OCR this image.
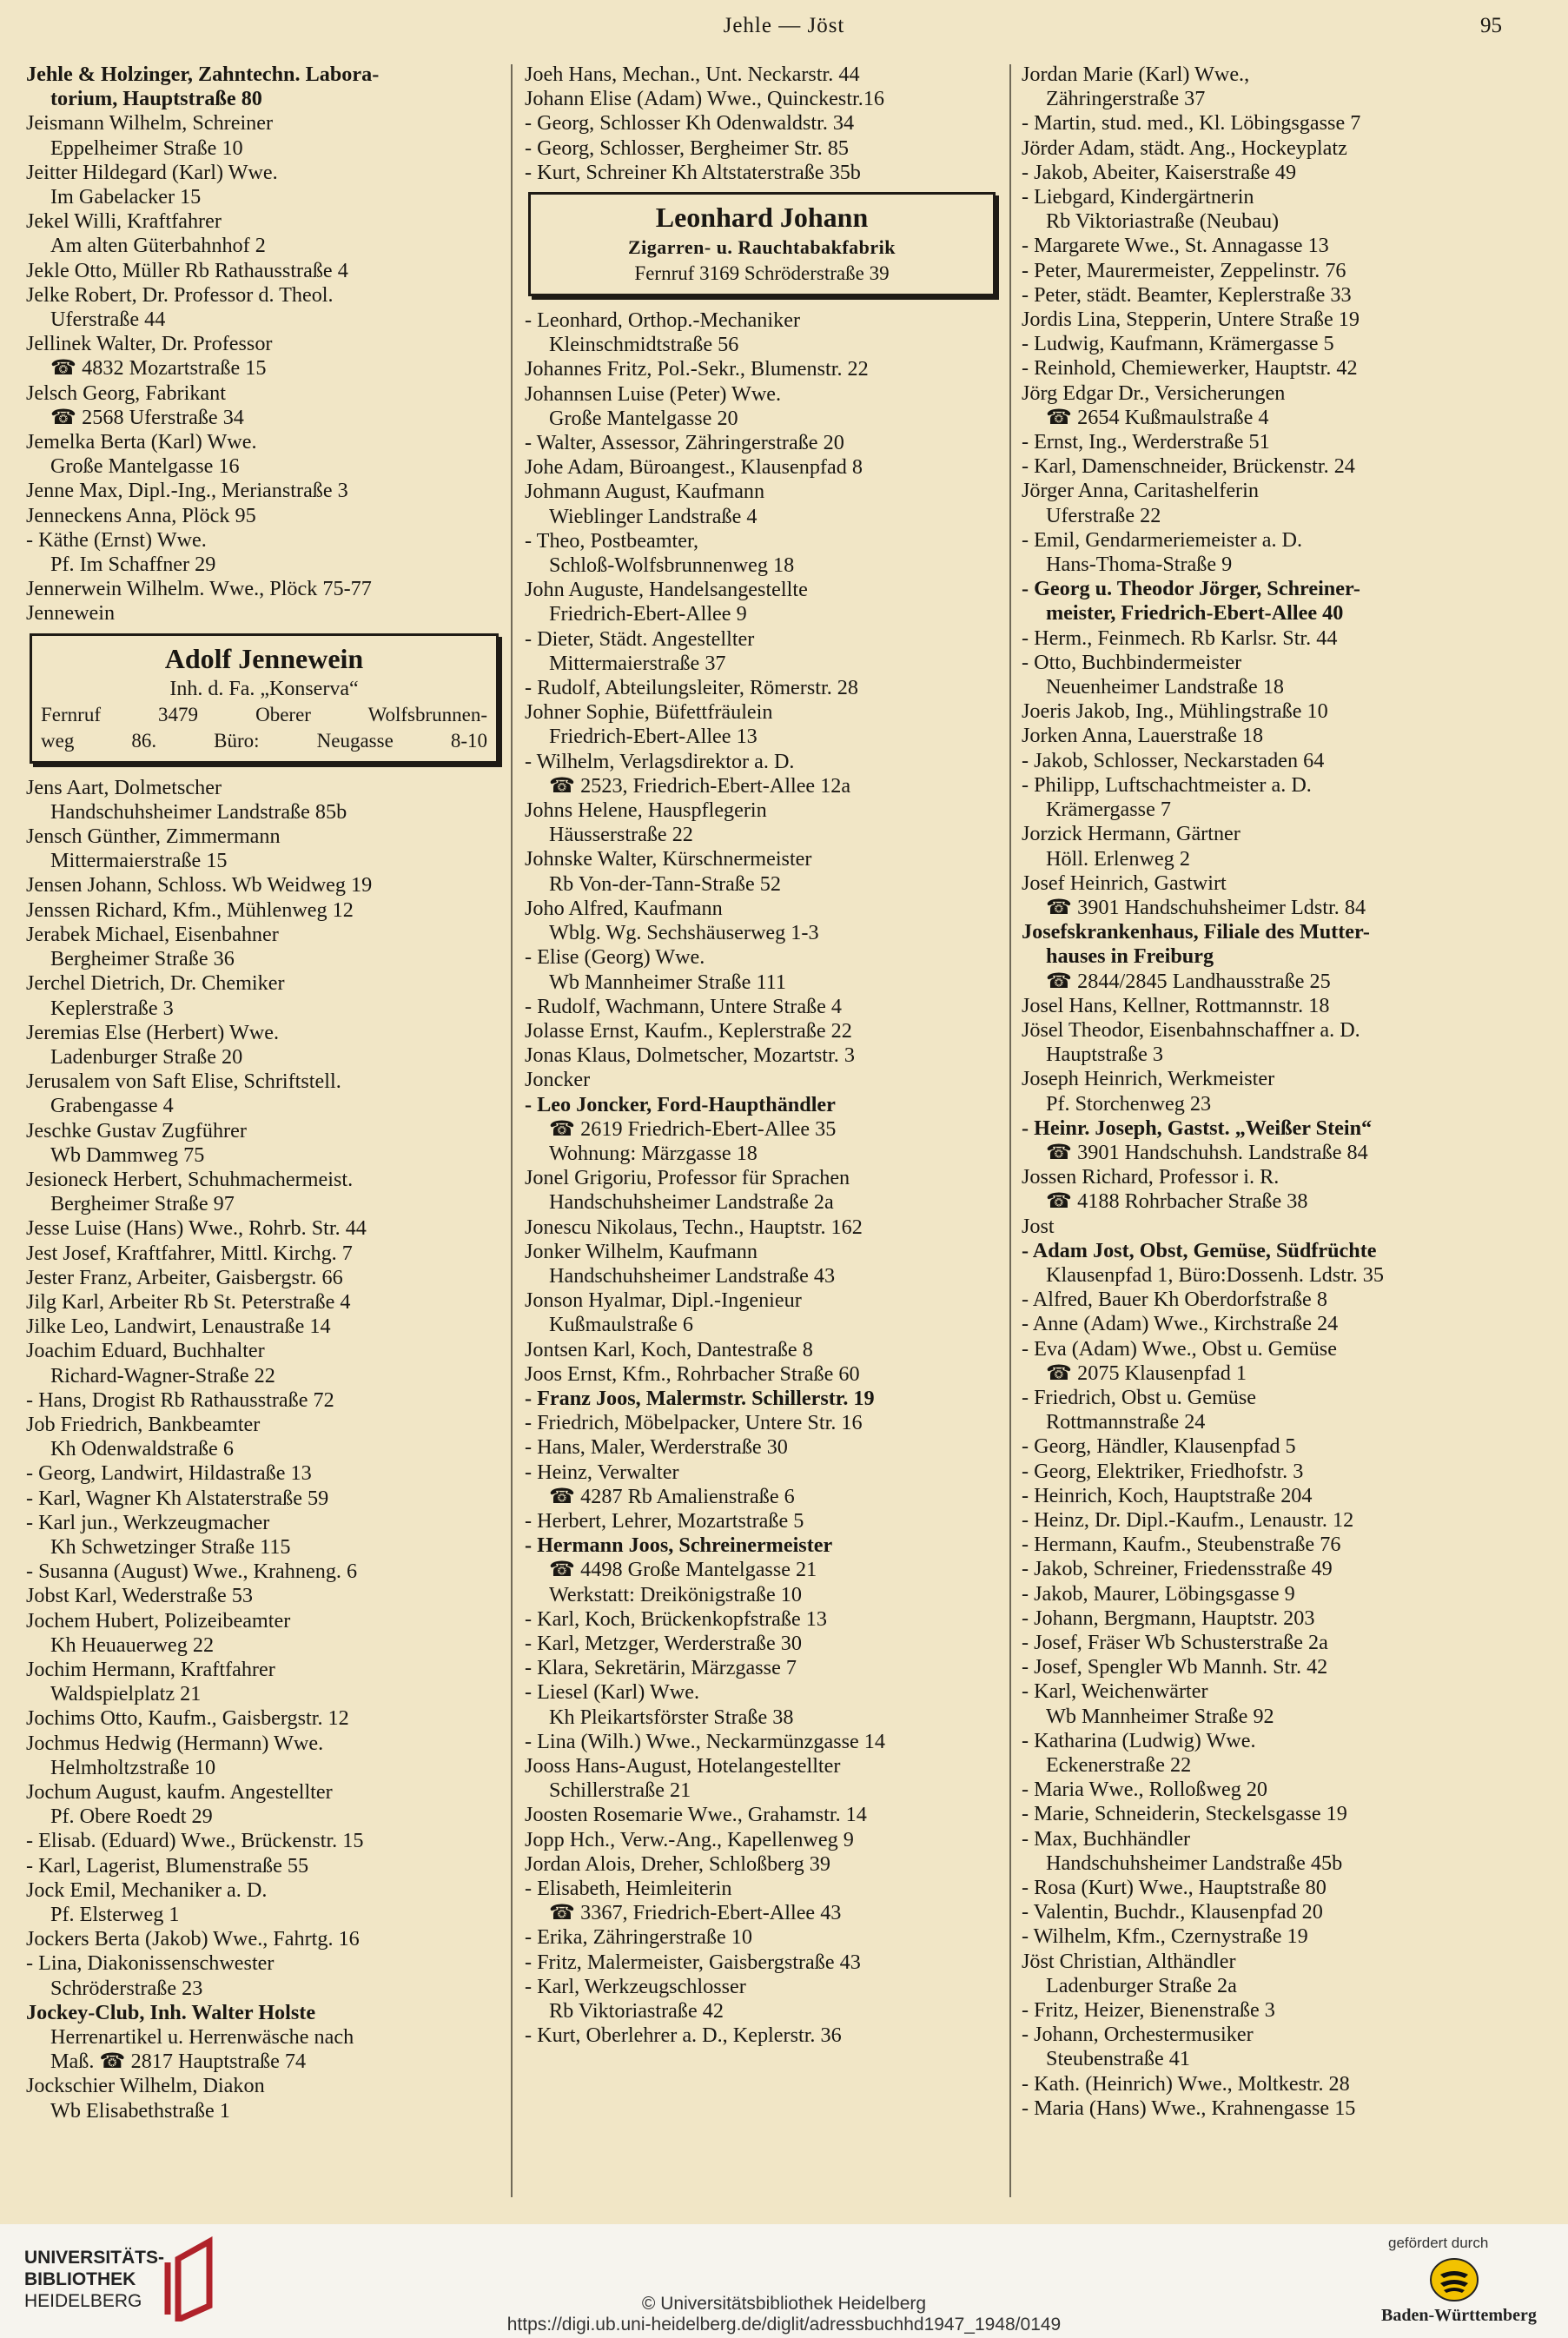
Jehle — Jöst	95
Jehle & Holzinger, Zahntechn. Labora-
torium, Hauptstraße 80
Jeismann Wilhelm, Schreiner
Eppelheimer Straße 10
Jeitter Hildegard (Karl) Wwe.
Im Gabelacker 15
Jekel Willi, Kraftfahrer
Am alten Güterbahnhof 2
Jekle Otto, Müller Rb Rathausstraße 4
Jelke Robert, Dr. Professor d. Theol.
Uferstraße 44
Jellinek Walter, Dr. Professor
☎ 4832 Mozartstraße 15
Jelsch Georg, Fabrikant
☎ 2568 Uferstraße 34
Jemelka Berta (Karl) Wwe.
Große Mantelgasse 16
Jenne Max, Dipl.-Ing., Merianstraße 3
Jenneckens Anna, Plöck 95
- Käthe (Ernst) Wwe.
Pf. Im Schaffner 29
Jennerwein Wilhelm. Wwe., Plöck 75-77
Jennewein
Adolf Jennewein
Inh. d. Fa. „Konserva“
Fernruf 3479 Oberer Wolfsbrunnen-
weg 86. Büro: Neugasse 8-10
Jens Aart, Dolmetscher
Handschuhsheimer Landstraße 85b
Jensch Günther, Zimmermann
Mittermaierstraße 15
Jensen Johann, Schloss. Wb Weidweg 19
Jenssen Richard, Kfm., Mühlenweg 12
Jerabek Michael, Eisenbahner
Bergheimer Straße 36
Jerchel Dietrich, Dr. Chemiker
Keplerstraße 3
Jeremias Else (Herbert) Wwe.
Ladenburger Straße 20
Jerusalem von Saft Elise, Schriftstell.
Grabengasse 4
Jeschke Gustav Zugführer
Wb Dammweg 75
Jesioneck Herbert, Schuhmachermeist.
Bergheimer Straße 97
Jesse Luise (Hans) Wwe., Rohrb. Str. 44
Jest Josef, Kraftfahrer, Mittl. Kirchg. 7
Jester Franz, Arbeiter, Gaisbergstr. 66
Jilg Karl, Arbeiter Rb St. Peterstraße 4
Jilke Leo, Landwirt, Lenaustraße 14
Joachim Eduard, Buchhalter
Richard-Wagner-Straße 22
- Hans, Drogist Rb Rathausstraße 72
Job Friedrich, Bankbeamter
Kh Odenwaldstraße 6
- Georg, Landwirt, Hildastraße 13
- Karl, Wagner Kh Alstaterstraße 59
- Karl jun., Werkzeugmacher
Kh Schwetzinger Straße 115
- Susanna (August) Wwe., Krahneng. 6
Jobst Karl, Wederstraße 53
Jochem Hubert, Polizeibeamter
Kh Heuauerweg 22
Jochim Hermann, Kraftfahrer
Waldspielplatz 21
Jochims Otto, Kaufm., Gaisbergstr. 12
Jochmus Hedwig (Hermann) Wwe.
Helmholtzstraße 10
Jochum August, kaufm. Angestellter
Pf. Obere Roedt 29
- Elisab. (Eduard) Wwe., Brückenstr. 15
- Karl, Lagerist, Blumenstraße 55
Jock Emil, Mechaniker a. D.
Pf. Elsterweg 1
Jockers Berta (Jakob) Wwe., Fahrtg. 16
- Lina, Diakonissenschwester
Schröderstraße 23
Jockey-Club, Inh. Walter Holste
Herrenartikel u. Herrenwäsche nach
Maß. ☎ 2817 Hauptstraße 74
Jockschier Wilhelm, Diakon
Wb Elisabethstraße 1
Joeh Hans, Mechan., Unt. Neckarstr. 44
Johann Elise (Adam) Wwe., Quinckestr.16
- Georg, Schlosser Kh Odenwaldstr. 34
- Georg, Schlosser, Bergheimer Str. 85
- Kurt, Schreiner Kh Altstaterstraße 35b
Leonhard Johann
Zigarren- u. Rauchtabakfabrik
Fernruf 3169 Schröderstraße 39
- Leonhard, Orthop.-Mechaniker
Kleinschmidtstraße 56
Johannes Fritz, Pol.-Sekr., Blumenstr. 22
Johannsen Luise (Peter) Wwe.
Große Mantelgasse 20
- Walter, Assessor, Zähringerstraße 20
Johe Adam, Büroangest., Klausenpfad 8
Johmann August, Kaufmann
Wieblinger Landstraße 4
- Theo, Postbeamter,
Schloß-Wolfsbrunnenweg 18
John Auguste, Handelsangestellte
Friedrich-Ebert-Allee 9
- Dieter, Städt. Angestellter
Mittermaierstraße 37
- Rudolf, Abteilungsleiter, Römerstr. 28
Johner Sophie, Büfettfräulein
Friedrich-Ebert-Allee 13
- Wilhelm, Verlagsdirektor a. D.
☎ 2523, Friedrich-Ebert-Allee 12a
Johns Helene, Hauspflegerin
Häusserstraße 22
Johnske Walter, Kürschnermeister
Rb Von-der-Tann-Straße 52
Joho Alfred, Kaufmann
Wblg. Wg. Sechshäuserweg 1-3
- Elise (Georg) Wwe.
Wb Mannheimer Straße 111
- Rudolf, Wachmann, Untere Straße 4
Jolasse Ernst, Kaufm., Keplerstraße 22
Jonas Klaus, Dolmetscher, Mozartstr. 3
Joncker
- Leo Joncker, Ford-Haupthändler
☎ 2619 Friedrich-Ebert-Allee 35
Wohnung: Märzgasse 18
Jonel Grigoriu, Professor für Sprachen
Handschuhsheimer Landstraße 2a
Jonescu Nikolaus, Techn., Hauptstr. 162
Jonker Wilhelm, Kaufmann
Handschuhsheimer Landstraße 43
Jonson Hyalmar, Dipl.-Ingenieur
Kußmaulstraße 6
Jontsen Karl, Koch, Dantestraße 8
Joos Ernst, Kfm., Rohrbacher Straße 60
- Franz Joos, Malermstr. Schillerstr. 19
- Friedrich, Möbelpacker, Untere Str. 16
- Hans, Maler, Werderstraße 30
- Heinz, Verwalter
☎ 4287 Rb Amalienstraße 6
- Herbert, Lehrer, Mozartstraße 5
- Hermann Joos, Schreinermeister
☎ 4498 Große Mantelgasse 21
Werkstatt: Dreikönigstraße 10
- Karl, Koch, Brückenkopfstraße 13
- Karl, Metzger, Werderstraße 30
- Klara, Sekretärin, Märzgasse 7
- Liesel (Karl) Wwe.
Kh Pleikartsförster Straße 38
- Lina (Wilh.) Wwe., Neckarmünzgasse 14
Jooss Hans-August, Hotelangestellter
Schillerstraße 21
Joosten Rosemarie Wwe., Grahamstr. 14
Jopp Hch., Verw.-Ang., Kapellenweg 9
Jordan Alois, Dreher, Schloßberg 39
- Elisabeth, Heimleiterin
☎ 3367, Friedrich-Ebert-Allee 43
- Erika, Zähringerstraße 10
- Fritz, Malermeister, Gaisbergstraße 43
- Karl, Werkzeugschlosser
Rb Viktoriastraße 42
- Kurt, Oberlehrer a. D., Keplerstr. 36
Jordan Marie (Karl) Wwe.,
Zähringerstraße 37
- Martin, stud. med., Kl. Löbingsgasse 7
Jörder Adam, städt. Ang., Hockeyplatz
- Jakob, Abeiter, Kaiserstraße 49
- Liebgard, Kindergärtnerin
Rb Viktoriastraße (Neubau)
- Margarete Wwe., St. Annagasse 13
- Peter, Maurermeister, Zeppelinstr. 76
- Peter, städt. Beamter, Keplerstraße 33
Jordis Lina, Stepperin, Untere Straße 19
- Ludwig, Kaufmann, Krämergasse 5
- Reinhold, Chemiewerker, Hauptstr. 42
Jörg Edgar Dr., Versicherungen
☎ 2654 Kußmaulstraße 4
- Ernst, Ing., Werderstraße 51
- Karl, Damenschneider, Brückenstr. 24
Jörger Anna, Caritashelferin
Uferstraße 22
- Emil, Gendarmeriemeister a. D.
Hans-Thoma-Straße 9
- Georg u. Theodor Jörger, Schreiner-
meister, Friedrich-Ebert-Allee 40
- Herm., Feinmech. Rb Karlsr. Str. 44
- Otto, Buchbindermeister
Neuenheimer Landstraße 18
Joeris Jakob, Ing., Mühlingstraße 10
Jorken Anna, Lauerstraße 18
- Jakob, Schlosser, Neckarstaden 64
- Philipp, Luftschachtmeister a. D.
Krämergasse 7
Jorzick Hermann, Gärtner
Höll. Erlenweg 2
Josef Heinrich, Gastwirt
☎ 3901 Handschuhsheimer Ldstr. 84
Josefskrankenhaus, Filiale des Mutter-
hauses in Freiburg
☎ 2844/2845 Landhausstraße 25
Josel Hans, Kellner, Rottmannstr. 18
Jösel Theodor, Eisenbahnschaffner a. D.
Hauptstraße 3
Joseph Heinrich, Werkmeister
Pf. Storchenweg 23
- Heinr. Joseph, Gastst. „Weißer Stein“
☎ 3901 Handschuhsh. Landstraße 84
Jossen Richard, Professor i. R.
☎ 4188 Rohrbacher Straße 38
Jost
- Adam Jost, Obst, Gemüse, Südfrüchte
Klausenpfad 1, Büro:Dossenh. Ldstr. 35
- Alfred, Bauer Kh Oberdorfstraße 8
- Anne (Adam) Wwe., Kirchstraße 24
- Eva (Adam) Wwe., Obst u. Gemüse
☎ 2075 Klausenpfad 1
- Friedrich, Obst u. Gemüse
Rottmannstraße 24
- Georg, Händler, Klausenpfad 5
- Georg, Elektriker, Friedhofstr. 3
- Heinrich, Koch, Hauptstraße 204
- Heinz, Dr. Dipl.-Kaufm., Lenaustr. 12
- Hermann, Kaufm., Steubenstraße 76
- Jakob, Schreiner, Friedensstraße 49
- Jakob, Maurer, Löbingsgasse 9
- Johann, Bergmann, Hauptstr. 203
- Josef, Fräser Wb Schusterstraße 2a
- Josef, Spengler Wb Mannh. Str. 42
- Karl, Weichenwärter
Wb Mannheimer Straße 92
- Katharina (Ludwig) Wwe.
Eckenerstraße 22
- Maria Wwe., Rolloßweg 20
- Marie, Schneiderin, Steckelsgasse 19
- Max, Buchhändler
Handschuhsheimer Landstraße 45b
- Rosa (Kurt) Wwe., Hauptstraße 80
- Valentin, Buchdr., Klausenpfad 20
- Wilhelm, Kfm., Czernystraße 19
Jöst Christian, Althändler
Ladenburger Straße 2a
- Fritz, Heizer, Bienenstraße 3
- Johann, Orchestermusiker
Steubenstraße 41
- Kath. (Heinrich) Wwe., Moltkestr. 28
- Maria (Hans) Wwe., Krahnengasse 15
UNIVERSITÄTS-
BIBLIOTHEK
HEIDELBERG	© Universitätsbibliothek Heidelberg
https://digi.ub.uni-heidelberg.de/diglit/adressbuchhd1947_1948/0149
gefördert durch
Baden-Württemberg
